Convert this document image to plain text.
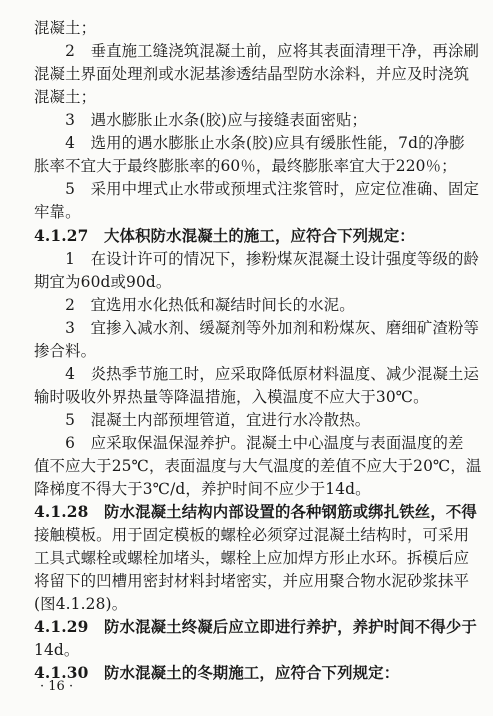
混凝土；
　　2　垂直施工缝浇筑混凝土前，应将其表面清理干净，再涂刷
混凝土界面处理剂或水泥基渗透结晶型防水涂料，并应及时浇筑
混凝土；
　　3　遇水膨胀止水条(胶)应与接缝表面密贴；
　　4　选用的遇水膨胀止水条(胶)应具有缓胀性能，7d的净膨
胀率不宜大于最终膨胀率的60％，最终膨胀率宜大于220％；
　　5　采用中埋式止水带或预埋式注浆管时，应定位准确、固定
牢靠。
4.1.27　大体积防水混凝土的施工，应符合下列规定：
　　1　在设计许可的情况下，掺粉煤灰混凝土设计强度等级的龄
期宜为60d或90d。
　　2　宜选用水化热低和凝结时间长的水泥。
　　3　宜掺入减水剂、缓凝剂等外加剂和粉煤灰、磨细矿渣粉等
掺合料。
　　4　炎热季节施工时，应采取降低原材料温度、减少混凝土运
输时吸收外界热量等降温措施，入模温度不应大于30℃。
　　5　混凝土内部预埋管道，宜进行水冷散热。
　　6　应采取保温保湿养护。混凝土中心温度与表面温度的差
值不应大于25℃，表面温度与大气温度的差值不应大于20℃，温
降梯度不得大于3℃/d，养护时间不应少于14d。
4.1.28　防水混凝土结构内部设置的各种钢筋或绑扎铁丝，不得
接触模板。用于固定模板的螺栓必须穿过混凝土结构时，可采用
工具式螺栓或螺栓加堵头，螺栓上应加焊方形止水环。拆模后应
将留下的凹槽用密封材料封堵密实，并应用聚合物水泥砂浆抹平
(图4.1.28)。
4.1.29　防水混凝土终凝后应立即进行养护，养护时间不得少于
14d。
4.1.30　防水混凝土的冬期施工，应符合下列规定：
· 16 ·
